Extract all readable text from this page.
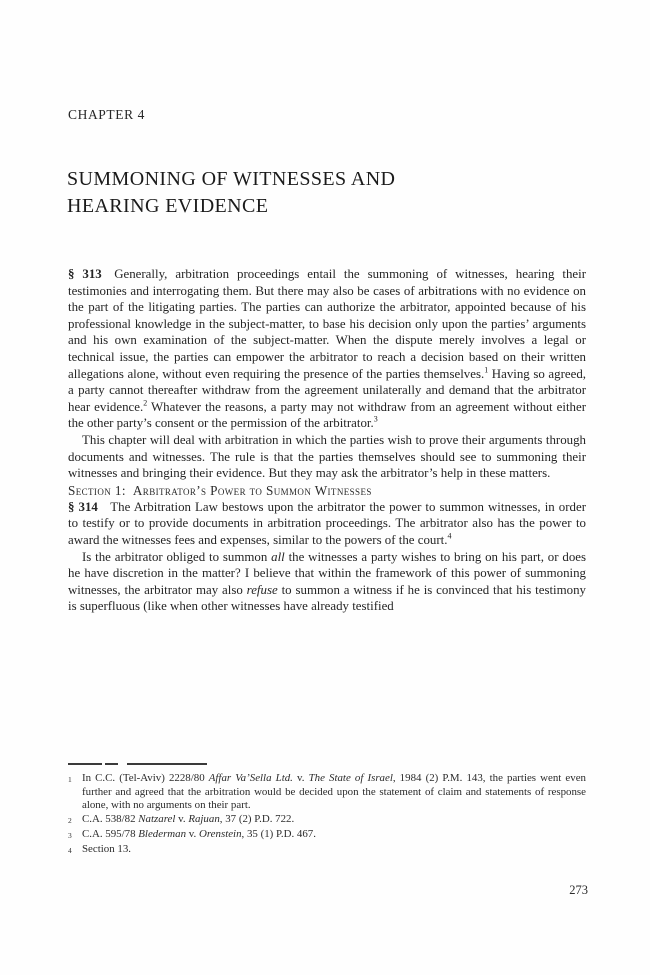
CHAPTER 4
SUMMONING OF WITNESSES AND
HEARING EVIDENCE

§ 313 Generally, arbitration proceedings entail the summoning of witnesses, hearing their testimonies and interrogating them. But there may also be cases of arbitrations with no evidence on the part of the litigating parties. The parties can authorize the arbitrator, appointed because of his professional knowledge in the subject-matter, to base his decision only upon the parties’ arguments and his own examination of the subject-matter. When the dispute merely involves a legal or technical issue, the parties can empower the arbitrator to reach a decision based on their written allegations alone, without even requiring the presence of the parties themselves.$^1$ Having so agreed, a party cannot thereafter withdraw from the agreement unilaterally and demand that the arbitrator hear evidence.$^2$ Whatever the reasons, a party may not withdraw from an agreement without either the other party’s consent or the permission of the arbitrator.$^3$

This chapter will deal with arbitration in which the parties wish to prove their arguments through documents and witnesses. The rule is that the parties themselves should see to summoning their witnesses and bringing their evidence. But they may ask the arbitrator’s help in these matters.

Section 1: Arbitrator’s Power to Summon Witnesses

§ 314 The Arbitration Law bestows upon the arbitrator the power to summon witnesses, in order to testify or to provide documents in arbitration proceedings. The arbitrator also has the power to award the witnesses fees and expenses, similar to the powers of the court.$^4$

Is the arbitrator obliged to summon all the witnesses a party wishes to bring on his part, or does he have discretion in the matter? I believe that within the framework of this power of summoning witnesses, the arbitrator may also refuse to summon a witness if he is convinced that his testimony is superfluous (like when other witnesses have already testified

1 In C.C. (Tel-Aviv) 2228/80 Affar Va’Sella Ltd. v. The State of Israel, 1984 (2) P.M. 143, the parties went even further and agreed that the arbitration would be decided upon the statement of claim and statements of response alone, with no arguments on their part.
2 C.A. 538/82 Natzarel v. Rajuan, 37 (2) P.D. 722.
3 C.A. 595/78 Blederman v. Orenstein, 35 (1) P.D. 467.
4 Section 13.
273
